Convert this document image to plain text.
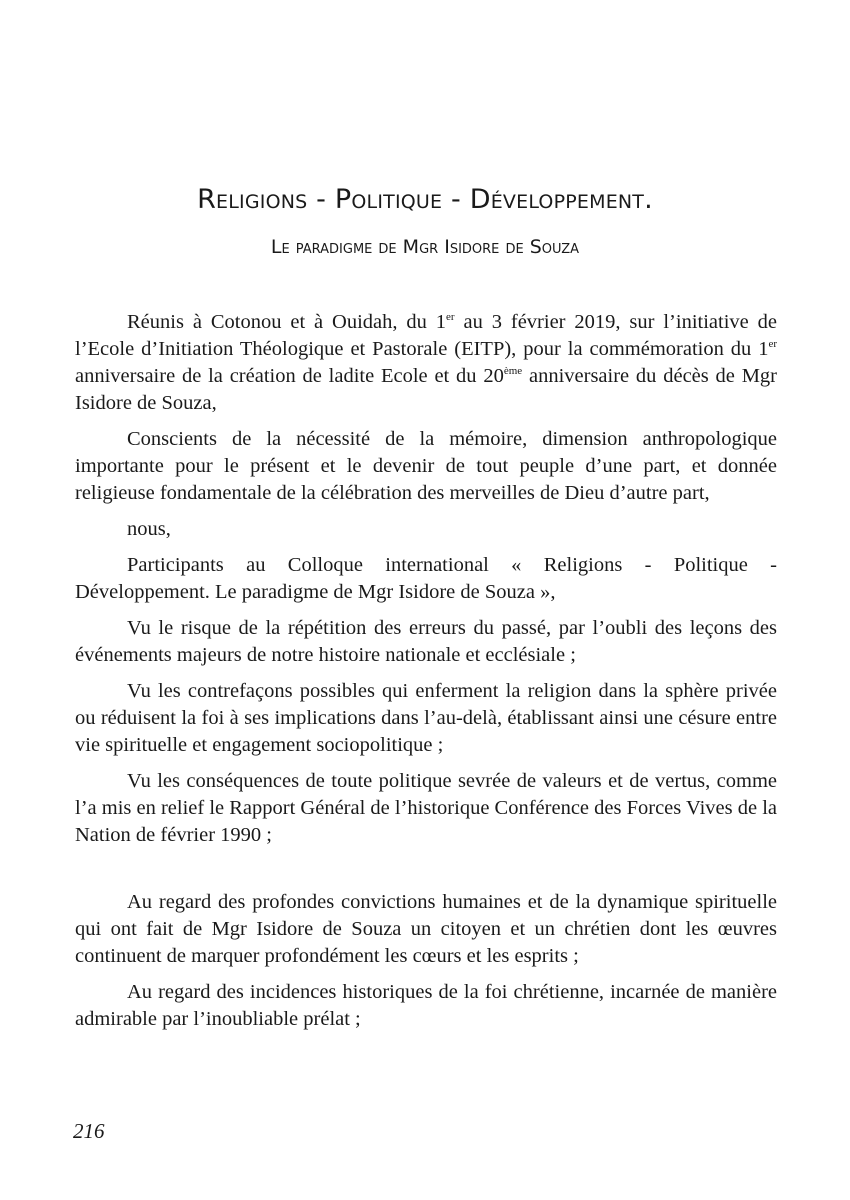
Religions - Politique - Développement.
Le paradigme de Mgr Isidore de Souza

Réunis à Cotonou et à Ouidah, du 1er au 3 février 2019, sur l’initiative de l’Ecole d’Initiation Théologique et Pastorale (EITP), pour la commémoration du 1er anniversaire de la création de ladite Ecole et du 20ème anniversaire du décès de Mgr Isidore de Souza,

Conscients de la nécessité de la mémoire, dimension anthropologique importante pour le présent et le devenir de tout peuple d’une part, et donnée religieuse fondamentale de la célébration des merveilles de Dieu d’autre part,

nous,

Participants au Colloque international « Religions - Politique - Développement. Le paradigme de Mgr Isidore de Souza »,

Vu le risque de la répétition des erreurs du passé, par l’oubli des leçons des événements majeurs de notre histoire nationale et ecclésiale ;

Vu les contrefaçons possibles qui enferment la religion dans la sphère privée ou réduisent la foi à ses implications dans l’au-delà, établissant ainsi une césure entre vie spirituelle et engagement sociopolitique ;

Vu les conséquences de toute politique sevrée de valeurs et de vertus, comme l’a mis en relief le Rapport Général de l’historique Conférence des Forces Vives de la Nation de février 1990 ;

Au regard des profondes convictions humaines et de la dynamique spirituelle qui ont fait de Mgr Isidore de Souza un citoyen et un chrétien dont les œuvres continuent de marquer profondément les cœurs et les esprits ;

Au regard des incidences historiques de la foi chrétienne, incarnée de manière admirable par l’inoubliable prélat ;

216
